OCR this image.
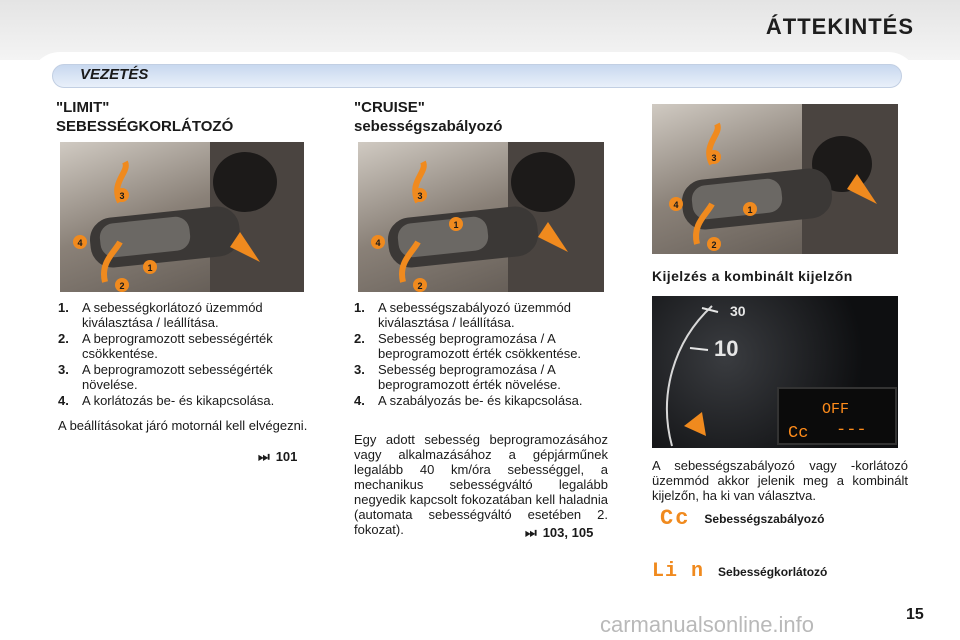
ÁTTEKINTÉS
VEZETÉS
"LIMIT"
SEBESSÉGKORLÁTOZÓ
3
4
1
2
1.	A sebességkorlátozó üzemmód kiválasztása / leállítása.
2.	A beprogramozott sebességérték csökkentése.
3.	A beprogramozott sebességérték növelése.
4.	A korlátozás be- és kikapcsolása.
A beállításokat járó motornál kell elvégezni.
⏭ 101
"CRUISE"
sebességszabályozó
3
4
1
2
1.	A sebességszabályozó üzemmód kiválasztása / leállítása.
2.	Sebesség beprogramozása / A beprogramozott érték csökkentése.
3.	Sebesség beprogramozása / A beprogramozott érték növelése.
4.	A szabályozás be- és kikapcsolása.
Egy adott sebesség beprogramozásához vagy alkalmazásához a gépjárműnek legalább 40 km/óra sebességgel, a mechanikus sebességváltó legalább negyedik kapcsolt fokozatában kell haladnia (automata sebességváltó esetében 2. fokozat).	⏭ 103, 105
3
4	1
2
Kijelzés a kombinált kijelzőn
30
10
OFF
Cc ---
A sebességszabályozó vagy -korlátozó üzemmód akkor jelenik meg a kombinált kijelzőn, ha ki van választva.
Cc Sebességszabályozó
Li n Sebességkorlátozó
carmanualsonline.info	15
